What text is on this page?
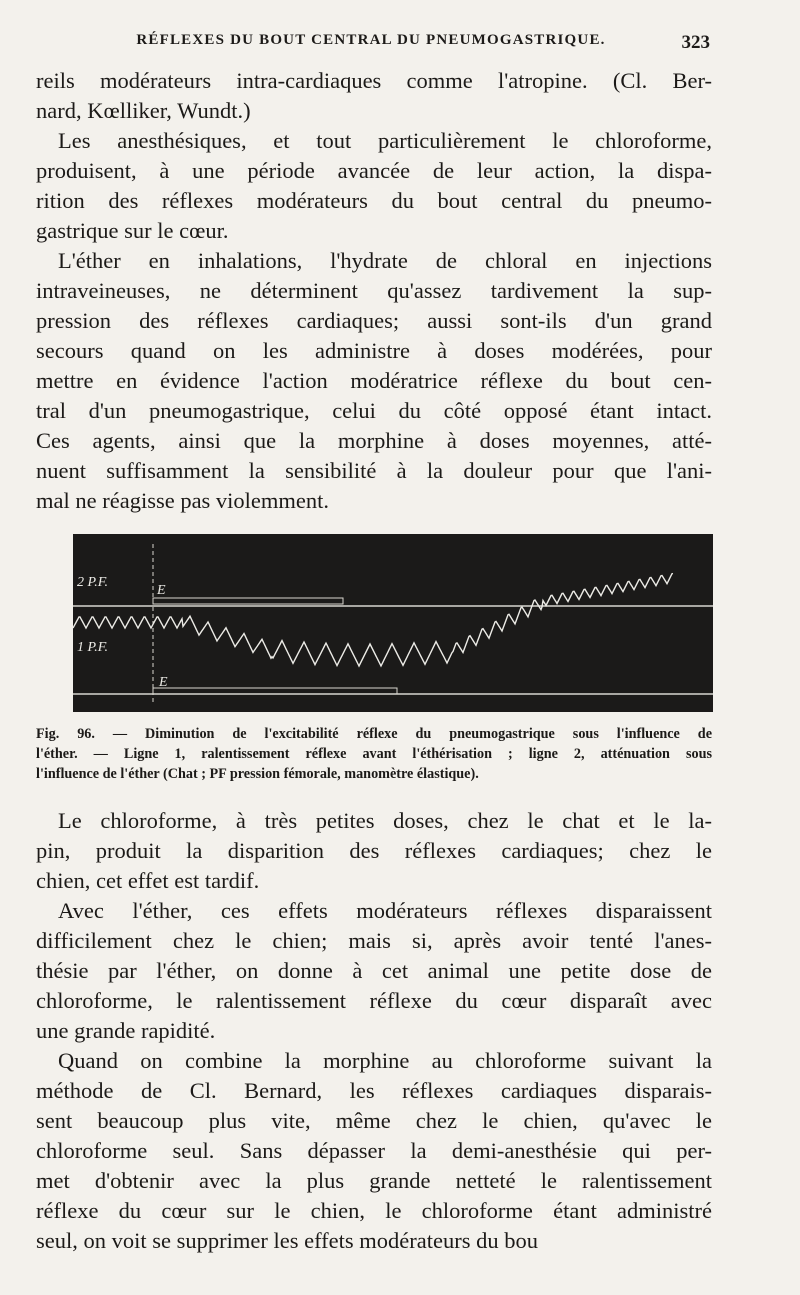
RÉFLEXES DU BOUT CENTRAL DU PNEUMOGASTRIQUE.	323
reils modérateurs intra-cardiaques comme l'atropine. (Cl. Ber-
nard, Kœlliker, Wundt.)
Les anesthésiques, et tout particulièrement le chloroforme,
produisent, à une période avancée de leur action, la dispa-
rition des réflexes modérateurs du bout central du pneumo-
gastrique sur le cœur.
L'éther en inhalations, l'hydrate de chloral en injections
intraveineuses, ne déterminent qu'assez tardivement la sup-
pression des réflexes cardiaques; aussi sont-ils d'un grand
secours quand on les administre à doses modérées, pour
mettre en évidence l'action modératrice réflexe du bout cen-
tral d'un pneumogastrique, celui du côté opposé étant intact.
Ces agents, ainsi que la morphine à doses moyennes, atté-
nuent suffisamment la sensibilité à la douleur pour que l'ani-
mal ne réagisse pas violemment.
2 P.F.
1 P.F.
E
E
Fig. 96. — Diminution de l'excitabilité réflexe du pneumogastrique sous l'influence de
l'éther. — Ligne 1, ralentissement réflexe avant l'éthérisation ; ligne 2, atténuation sous
l'influence de l'éther (Chat ; PF pression fémorale, manomètre élastique).
Le chloroforme, à très petites doses, chez le chat et le la-
pin, produit la disparition des réflexes cardiaques; chez le
chien, cet effet est tardif.
Avec l'éther, ces effets modérateurs réflexes disparaissent
difficilement chez le chien; mais si, après avoir tenté l'anes-
thésie par l'éther, on donne à cet animal une petite dose de
chloroforme, le ralentissement réflexe du cœur disparaît avec
une grande rapidité.
Quand on combine la morphine au chloroforme suivant la
méthode de Cl. Bernard, les réflexes cardiaques disparais-
sent beaucoup plus vite, même chez le chien, qu'avec le
chloroforme seul. Sans dépasser la demi-anesthésie qui per-
met d'obtenir avec la plus grande netteté le ralentissement
réflexe du cœur sur le chien, le chloroforme étant administré
seul, on voit se supprimer les effets modérateurs du bou
